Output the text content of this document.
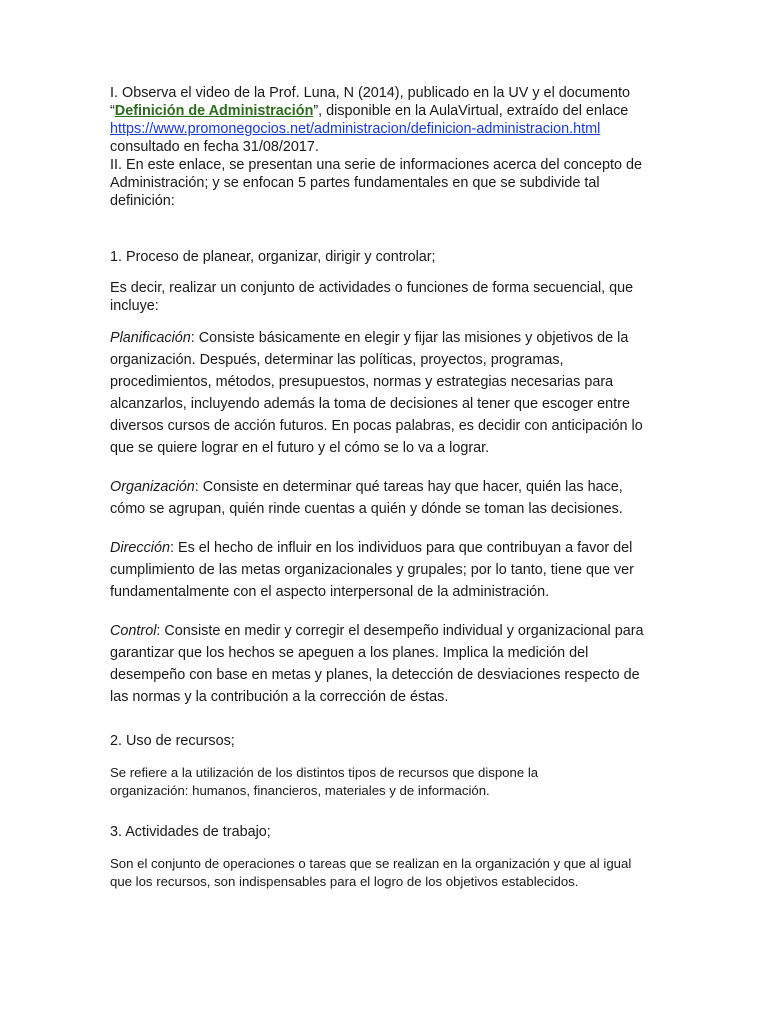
I. Observa el video de la Prof. Luna, N (2014), publicado en la UV y el documento
“Definición de Administración”, disponible en la AulaVirtual, extraído del enlace
https://www.promonegocios.net/administracion/definicion-administracion.html
consultado en fecha 31/08/2017.

II. En este enlace, se presentan una serie de informaciones acerca del concepto de Administración; y se enfocan 5 partes fundamentales en que se subdivide tal definición:

1. Proceso de planear, organizar, dirigir y controlar;

Es decir, realizar un conjunto de actividades o funciones de forma secuencial, que incluye:

Planificación: Consiste básicamente en elegir y fijar las misiones y objetivos de la organización. Después, determinar las políticas, proyectos, programas, procedimientos, métodos, presupuestos, normas y estrategias necesarias para alcanzarlos, incluyendo además la toma de decisiones al tener que escoger entre diversos cursos de acción futuros. En pocas palabras, es decidir con anticipación lo que se quiere lograr en el futuro y el cómo se lo va a lograr.

Organización: Consiste en determinar qué tareas hay que hacer, quién las hace, cómo se agrupan, quién rinde cuentas a quién y dónde se toman las decisiones.

Dirección: Es el hecho de influir en los individuos para que contribuyan a favor del cumplimiento de las metas organizacionales y grupales; por lo tanto, tiene que ver fundamentalmente con el aspecto interpersonal de la administración.

Control: Consiste en medir y corregir el desempeño individual y organizacional para garantizar que los hechos se apeguen a los planes. Implica la medición del desempeño con base en metas y planes, la detección de desviaciones respecto de las normas y la contribución a la corrección de éstas.

2. Uso de recursos;

Se refiere a la utilización de los distintos tipos de recursos que dispone la organización: humanos, financieros, materiales y de información.

3. Actividades de trabajo;

Son el conjunto de operaciones o tareas que se realizan en la organización y que al igual que los recursos, son indispensables para el logro de los objetivos establecidos.
